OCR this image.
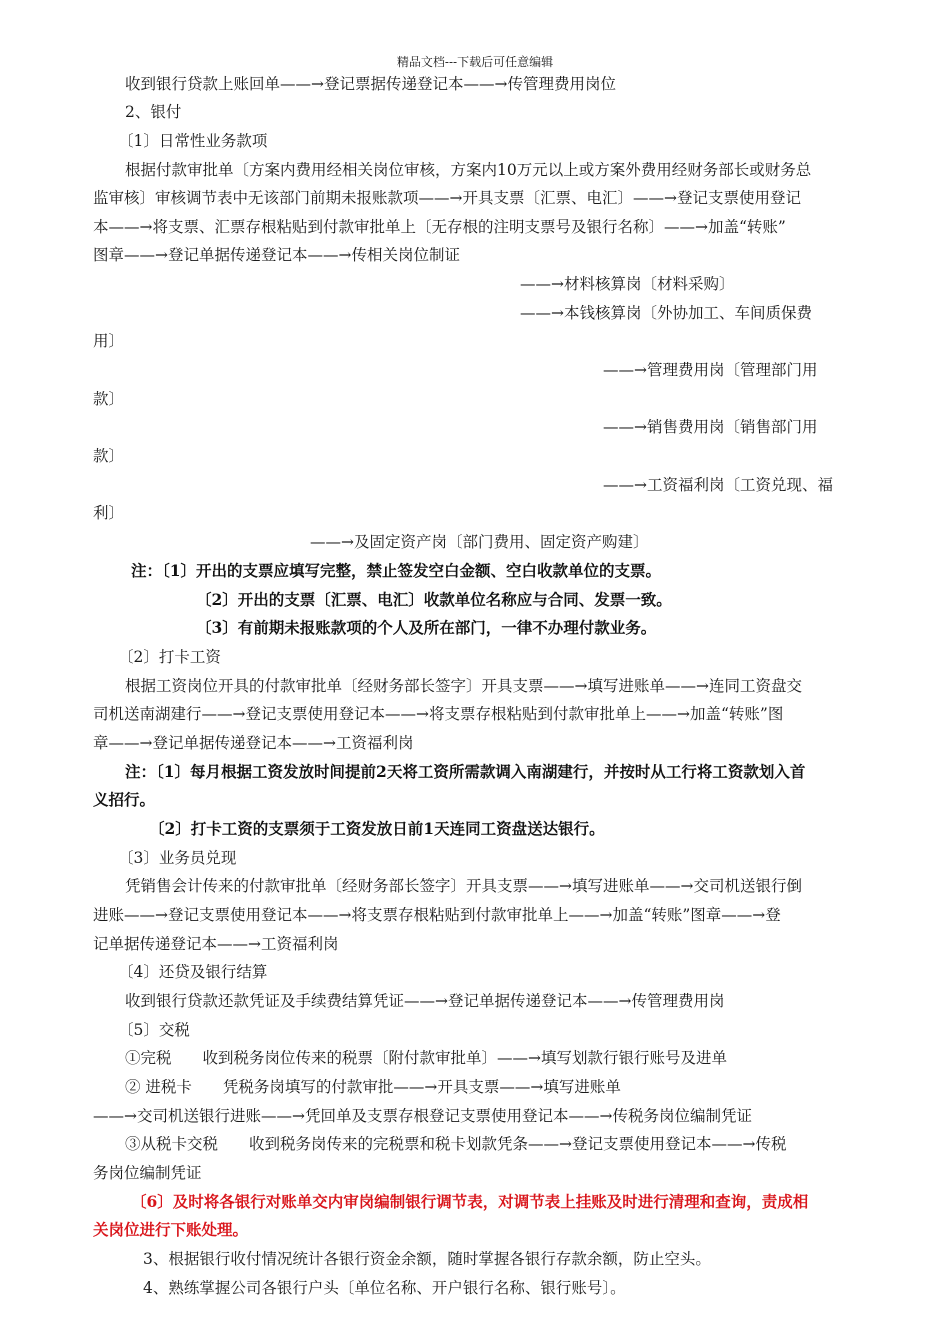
精品文档---下载后可任意编辑
收到银行贷款上账回单——→登记票据传递登记本——→传管理费用岗位
2、银付
〔1〕日常性业务款项
根据付款审批单〔方案内费用经相关岗位审核，方案内10万元以上或方案外费用经财务部长或财务总
监审核〕审核调节表中无该部门前期未报账款项——→开具支票〔汇票、电汇〕——→登记支票使用登记
本——→将支票、汇票存根粘贴到付款审批单上〔无存根的注明支票号及银行名称〕——→加盖“转账”
图章——→登记单据传递登记本——→传相关岗位制证
——→材料核算岗〔材料采购〕
——→本钱核算岗〔外协加工、车间质保费
用〕
——→管理费用岗〔管理部门用
款〕
——→销售费用岗〔销售部门用
款〕
——→工资福利岗〔工资兑现、福
利〕
——→及固定资产岗〔部门费用、固定资产购建〕
注：〔1〕开出的支票应填写完整，禁止签发空白金额、空白收款单位的支票。
〔2〕开出的支票〔汇票、电汇〕收款单位名称应与合同、发票一致。
〔3〕有前期未报账款项的个人及所在部门，一律不办理付款业务。
〔2〕打卡工资
根据工资岗位开具的付款审批单〔经财务部长签字〕开具支票——→填写进账单——→连同工资盘交
司机送南湖建行——→登记支票使用登记本——→将支票存根粘贴到付款审批单上——→加盖“转账”图
章——→登记单据传递登记本——→工资福利岗
注：〔1〕每月根据工资发放时间提前2天将工资所需款调入南湖建行，并按时从工行将工资款划入首
义招行。
〔2〕打卡工资的支票须于工资发放日前1天连同工资盘送达银行。
〔3〕业务员兑现
凭销售会计传来的付款审批单〔经财务部长签字〕开具支票——→填写进账单——→交司机送银行倒
进账——→登记支票使用登记本——→将支票存根粘贴到付款审批单上——→加盖“转账”图章——→登
记单据传递登记本——→工资福利岗
〔4〕还贷及银行结算
收到银行贷款还款凭证及手续费结算凭证——→登记单据传递登记本——→传管理费用岗
〔5〕交税
①完税　　收到税务岗位传来的税票〔附付款审批单〕——→填写划款行银行账号及进单
② 进税卡　　凭税务岗填写的付款审批——→开具支票——→填写进账单
——→交司机送银行进账——→凭回单及支票存根登记支票使用登记本——→传税务岗位编制凭证
③从税卡交税　　收到税务岗传来的完税票和税卡划款凭条——→登记支票使用登记本——→传税
务岗位编制凭证
〔6〕及时将各银行对账单交内审岗编制银行调节表，对调节表上挂账及时进行清理和查询，责成相
关岗位进行下账处理。
3、根据银行收付情况统计各银行资金余额，随时掌握各银行存款余额，防止空头。
4、熟练掌握公司各银行户头〔单位名称、开户银行名称、银行账号〕。
